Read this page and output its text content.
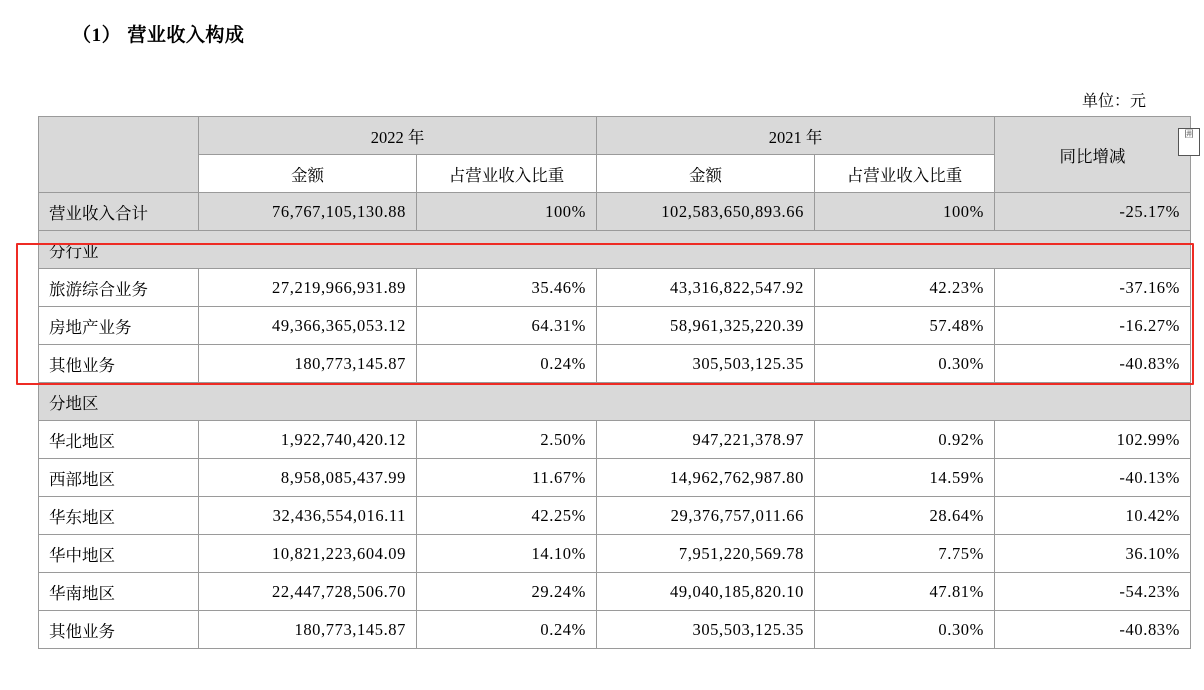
（1） 营业收入构成
单位：元
	2022 年		2021 年		同比增减
	金额	占营业收入比重	金额	占营业收入比重	
营业收入合计	76,767,105,130.88	100%	102,583,650,893.66	100%	-25.17%
分行业					
旅游综合业务	27,219,966,931.89	35.46%	43,316,822,547.92	42.23%	-37.16%
房地产业务	49,366,365,053.12	64.31%	58,961,325,220.39	57.48%	-16.27%
其他业务	180,773,145.87	0.24%	305,503,125.35	0.30%	-40.83%
分地区					
华北地区	1,922,740,420.12	2.50%	947,221,378.97	0.92%	102.99%
西部地区	8,958,085,437.99	11.67%	14,962,762,987.80	14.59%	-40.13%
华东地区	32,436,554,016.11	42.25%	29,376,757,011.66	28.64%	10.42%
华中地区	10,821,223,604.09	14.10%	7,951,220,569.78	7.75%	36.10%
华南地区	22,447,728,506.70	29.24%	49,040,185,820.10	47.81%	-54.23%
其他业务	180,773,145.87	0.24%	305,503,125.35	0.30%	-40.83%
囲
